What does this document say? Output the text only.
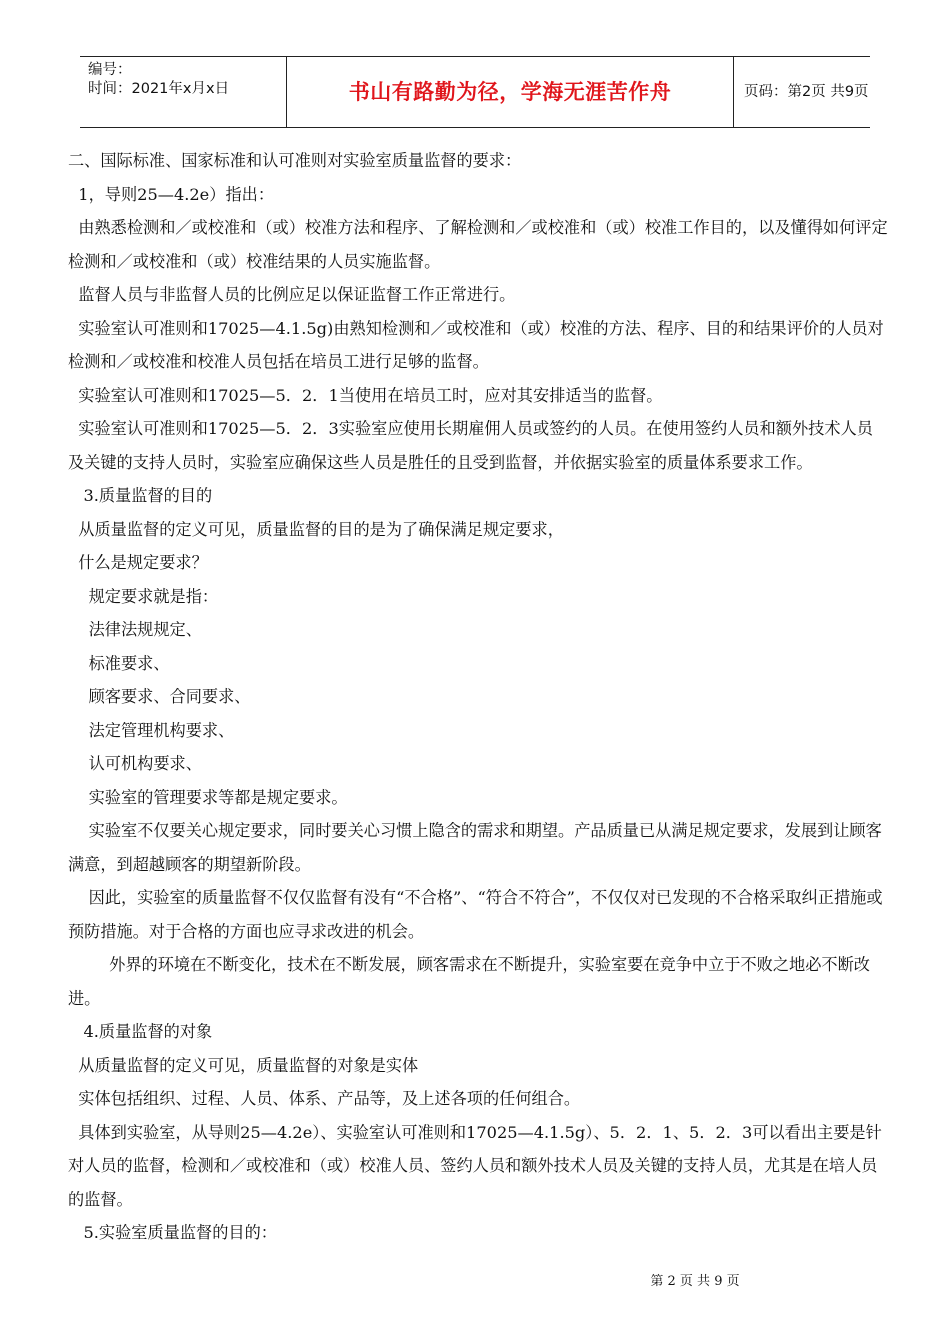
编号：
时间：2021年x月x日	书山有路勤为径，学海无涯苦作舟	页码：第2页 共9页

二、国际标准、国家标准和认可准则对实验室质量监督的要求：

1，导则25—4.2e）指出：

由熟悉检测和／或校准和（或）校准方法和程序、了解检测和／或校准和（或）校准工作目的，以及懂得如何评定检测和／或校准和（或）校准结果的人员实施监督。

监督人员与非监督人员的比例应足以保证监督工作正常进行。

实验室认可准则和17025—4.1.5g)由熟知检测和／或校准和（或）校准的方法、程序、目的和结果评价的人员对检测和／或校准和校准人员包括在培员工进行足够的监督。

实验室认可准则和17025—5．2．1当使用在培员工时，应对其安排适当的监督。

实验室认可准则和17025—5．2．3实验室应使用长期雇佣人员或签约的人员。在使用签约人员和额外技术人员及关键的支持人员时，实验室应确保这些人员是胜任的且受到监督，并依据实验室的质量体系要求工作。

3.质量监督的目的

从质量监督的定义可见，质量监督的目的是为了确保满足规定要求，

什么是规定要求？

规定要求就是指：

法律法规规定、

标准要求、

顾客要求、合同要求、

法定管理机构要求、

认可机构要求、

实验室的管理要求等都是规定要求。

实验室不仅要关心规定要求，同时要关心习惯上隐含的需求和期望。产品质量已从满足规定要求，发展到让顾客满意，到超越顾客的期望新阶段。

因此，实验室的质量监督不仅仅监督有没有“不合格”、“符合不符合”，不仅仅对已发现的不合格采取纠正措施或预防措施。对于合格的方面也应寻求改进的机会。

外界的环境在不断变化，技术在不断发展，顾客需求在不断提升，实验室要在竞争中立于不败之地必不断改进。

4.质量监督的对象

从质量监督的定义可见，质量监督的对象是实体

实体包括组织、过程、人员、体系、产品等，及上述各项的任何组合。

具体到实验室，从导则25—4.2e）、实验室认可准则和17025—4.1.5g）、5．2．1、5．2．3可以看出主要是针对人员的监督，检测和／或校准和（或）校准人员、签约人员和额外技术人员及关键的支持人员，尤其是在培人员的监督。

5.实验室质量监督的目的：

第 2 页 共 9 页
